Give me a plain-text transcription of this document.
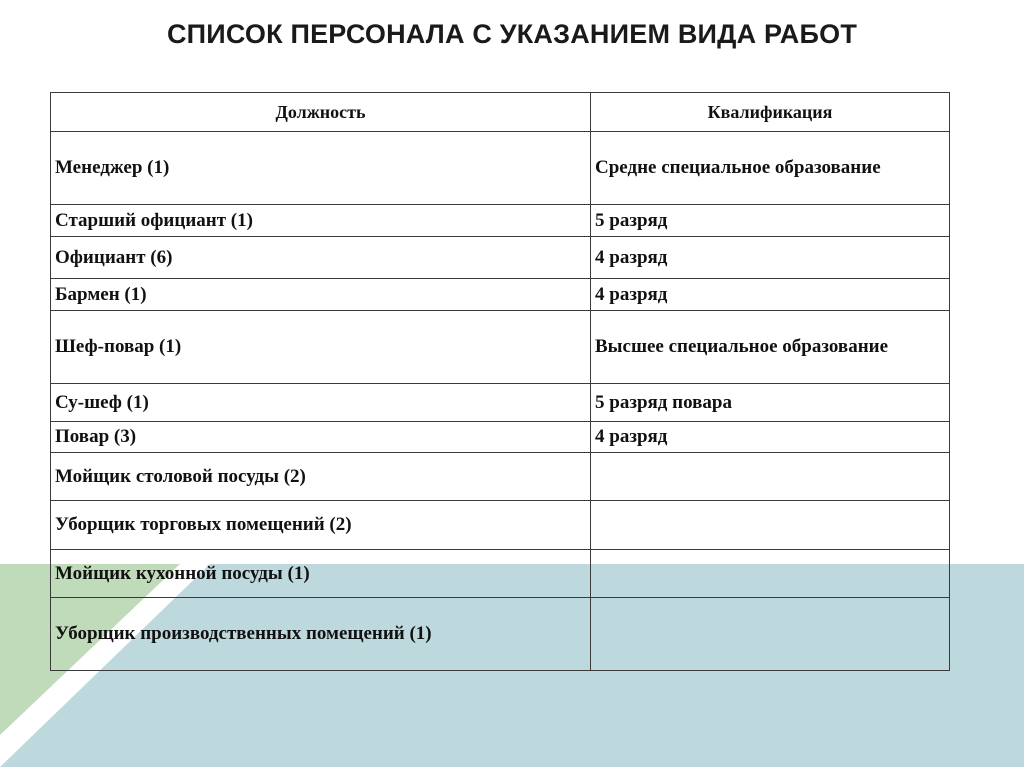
СПИСОК ПЕРСОНАЛА С УКАЗАНИЕМ ВИДА РАБОТ
Должность	Квалификация
Менеджер (1)	Средне специальное образование
Старший официант (1)	5 разряд
Официант (6)	4 разряд
Бармен (1)	4 разряд
Шеф-повар (1)	Высшее специальное образование
Су-шеф (1)	5 разряд повара
Повар (3)	4 разряд
Мойщик столовой посуды (2)	
Уборщик торговых помещений (2)	
Мойщик кухонной посуды (1)	
Уборщик производственных помещений (1)	
